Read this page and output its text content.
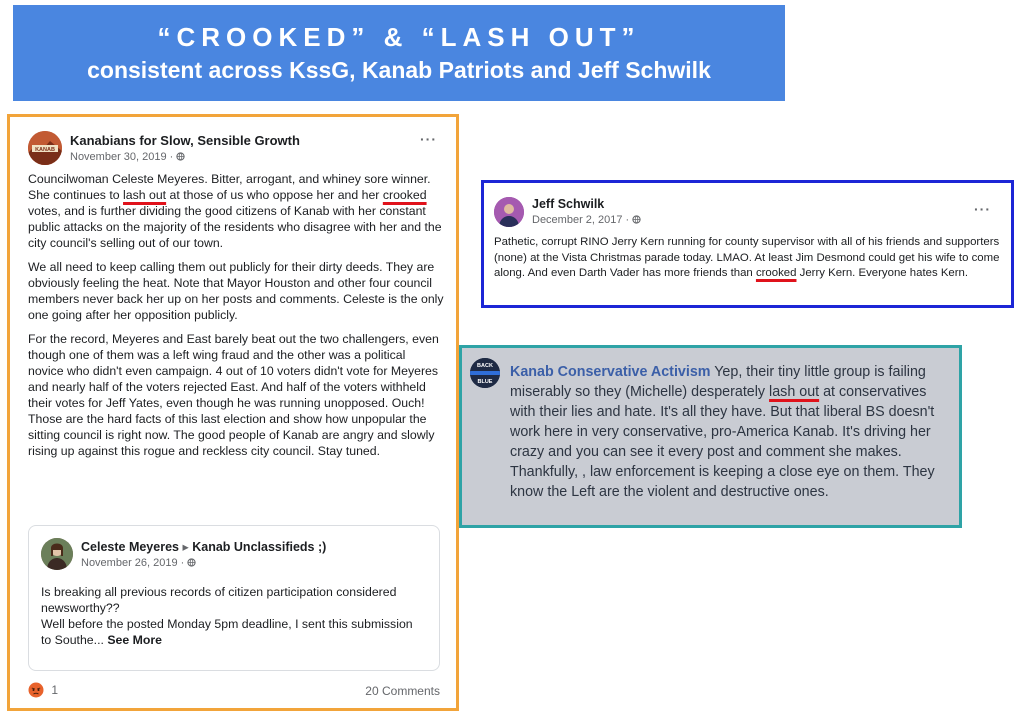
“CROOKED” & “LASH OUT”
consistent across KssG, Kanab Patriots and Jeff Schwilk
KANAB
Kanabians for Slow, Sensible Growth
November 30, 2019 ·
···

Councilwoman Celeste Meyeres. Bitter, arrogant, and whiney sore winner. She continues to lash out at those of us who oppose her and her crooked votes, and is further dividing the good citizens of Kanab with her constant public attacks on the majority of the residents who disagree with her and the city council's selling out of our town.

We all need to keep calling them out publicly for their dirty deeds. They are obviously feeling the heat. Note that Mayor Houston and other four council members never back her up on her posts and comments. Celeste is the only one going after her opposition publicly.

For the record, Meyeres and East barely beat out the two challengers, even though one of them was a left wing fraud and the other was a political novice who didn't even campaign. 4 out of 10 voters didn't vote for Meyeres and nearly half of the voters rejected East. And half of the voters withheld their votes for Jeff Yates, even though he was running unopposed. Ouch! Those are the hard facts of this last election and show how unpopular the sitting council is right now. The good people of Kanab are angry and slowly rising up against this rogue and reckless city council. Stay tuned.

Celeste Meyeres ▸ Kanab Unclassifieds ;)
November 26, 2019 ·
Is breaking all previous records of citizen participation considered newsworthy??
Well before the posted Monday 5pm deadline, I sent this submission to Southe... See More
1	20 Comments
Jeff Schwilk
December 2, 2017 ·
···
Pathetic, corrupt RINO Jerry Kern running for county supervisor with all of his friends and supporters (none) at the Vista Christmas parade today. LMAO. At least Jim Desmond could get his wife to come along. And even Darth Vader has more friends than crooked Jerry Kern. Everyone hates Kern.
BACK
BLUE
Kanab Conservative Activism Yep, their tiny little group is failing miserably so they (Michelle) desperately lash out at conservatives with their lies and hate. It's all they have. But that liberal BS doesn't work here in very conservative, pro-America Kanab. It's driving her crazy and you can see it every post and comment she makes. Thankfully, , law enforcement is keeping a close eye on them. They know the Left are the violent and destructive ones.
